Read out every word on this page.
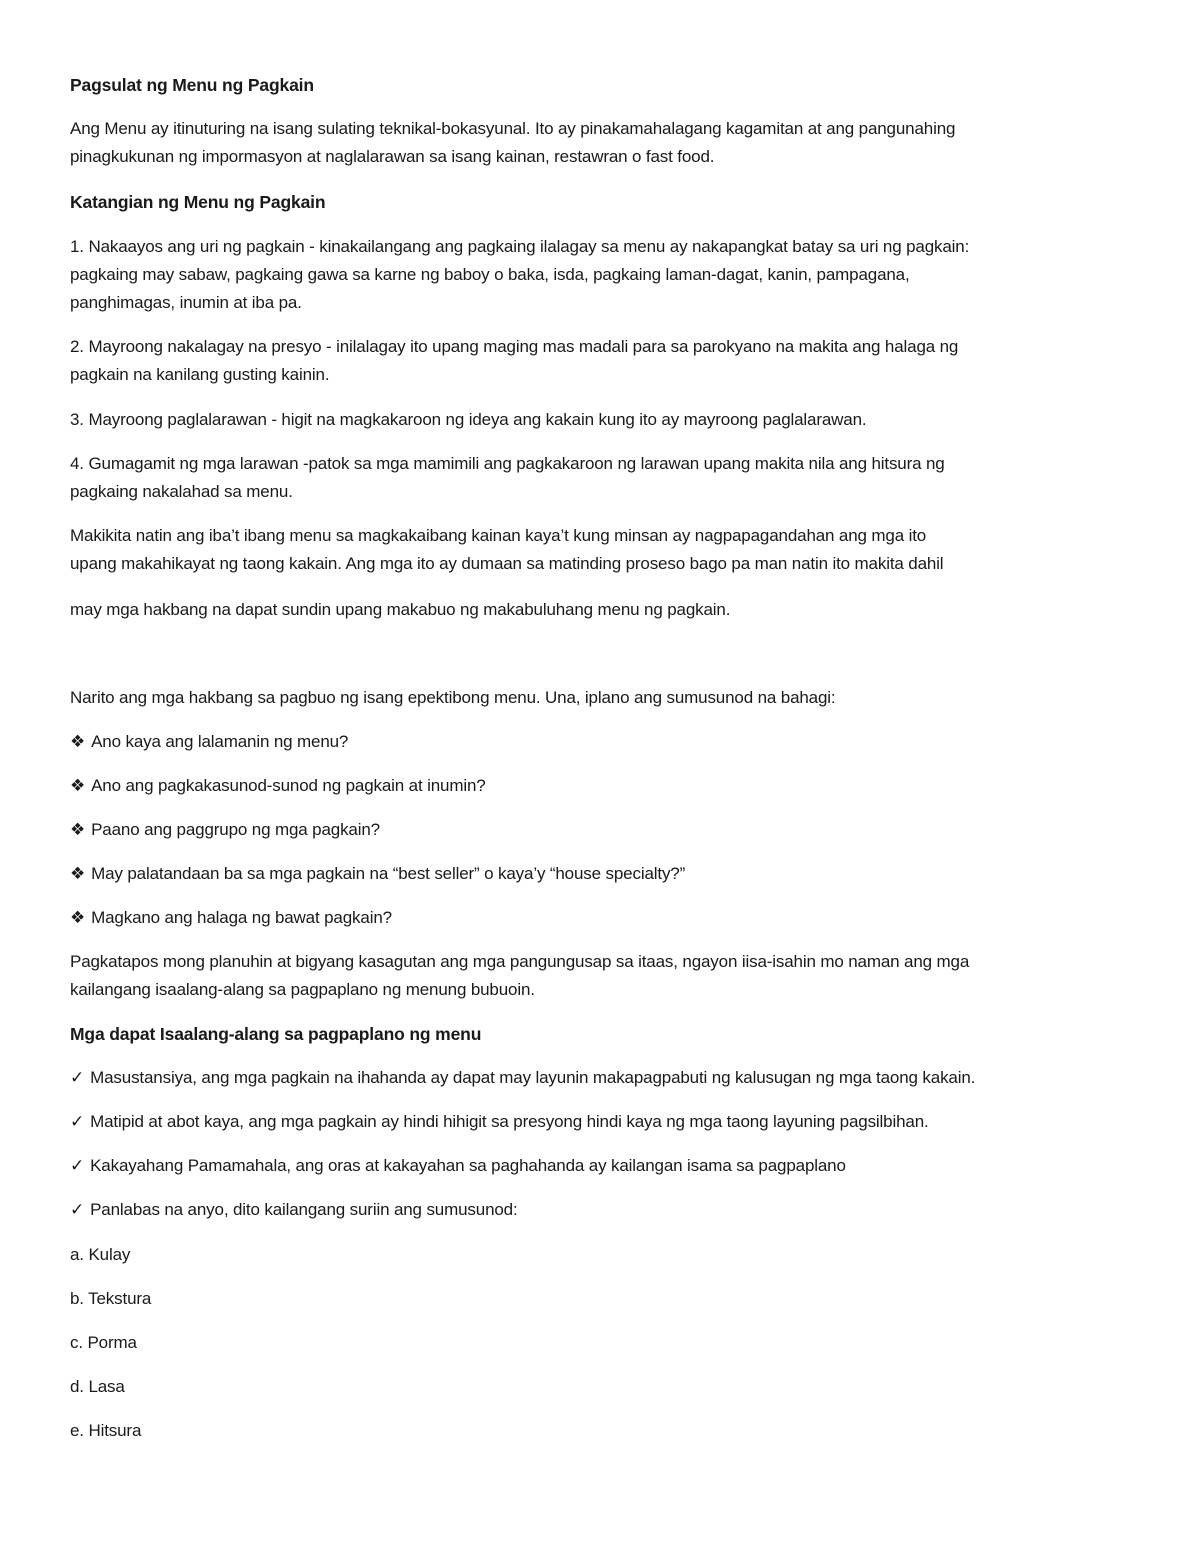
Pagsulat ng Menu ng Pagkain
Ang Menu ay itinuturing na isang sulating teknikal-bokasyunal. Ito ay pinakamahalagang kagamitan at ang pangunahing
pinagkukunan ng impormasyon at naglalarawan sa isang kainan, restawran o fast food.
Katangian ng Menu ng Pagkain
1. Nakaayos ang uri ng pagkain - kinakailangang ang pagkaing ilalagay sa menu ay nakapangkat batay sa uri ng pagkain:
pagkaing may sabaw, pagkaing gawa sa karne ng baboy o baka, isda, pagkaing laman-dagat, kanin, pampagana,
panghimagas, inumin at iba pa.
2. Mayroong nakalagay na presyo - inilalagay ito upang maging mas madali para sa parokyano na makita ang halaga ng
pagkain na kanilang gusting kainin.
3. Mayroong paglalarawan - higit na magkakaroon ng ideya ang kakain kung ito ay mayroong paglalarawan.
4. Gumagamit ng mga larawan -patok sa mga mamimili ang pagkakaroon ng larawan upang makita nila ang hitsura ng
pagkaing nakalahad sa menu.
Makikita natin ang iba’t ibang menu sa magkakaibang kainan kaya’t kung minsan ay nagpapagandahan ang mga ito
upang makahikayat ng taong kakain. Ang mga ito ay dumaan sa matinding proseso bago pa man natin ito makita dahil
may mga hakbang na dapat sundin upang makabuo ng makabuluhang menu ng pagkain.
Narito ang mga hakbang sa pagbuo ng isang epektibong menu. Una, iplano ang sumusunod na bahagi:
❖ Ano kaya ang lalamanin ng menu?
❖ Ano ang pagkakasunod-sunod ng pagkain at inumin?
❖ Paano ang paggrupo ng mga pagkain?
❖ May palatandaan ba sa mga pagkain na “best seller” o kaya’y “house specialty?”
❖ Magkano ang halaga ng bawat pagkain?
Pagkatapos mong planuhin at bigyang kasagutan ang mga pangungusap sa itaas, ngayon iisa-isahin mo naman ang mga
kailangang isaalang-alang sa pagpaplano ng menung bubuoin.
Mga dapat Isaalang-alang sa pagpaplano ng menu
✓ Masustansiya, ang mga pagkain na ihahanda ay dapat may layunin makapagpabuti ng kalusugan ng mga taong kakain.
✓ Matipid at abot kaya, ang mga pagkain ay hindi hihigit sa presyong hindi kaya ng mga taong layuning pagsilbihan.
✓ Kakayahang Pamamahala, ang oras at kakayahan sa paghahanda ay kailangan isama sa pagpaplano
✓ Panlabas na anyo, dito kailangang suriin ang sumusunod:
a. Kulay
b. Tekstura
c. Porma
d. Lasa
e. Hitsura
